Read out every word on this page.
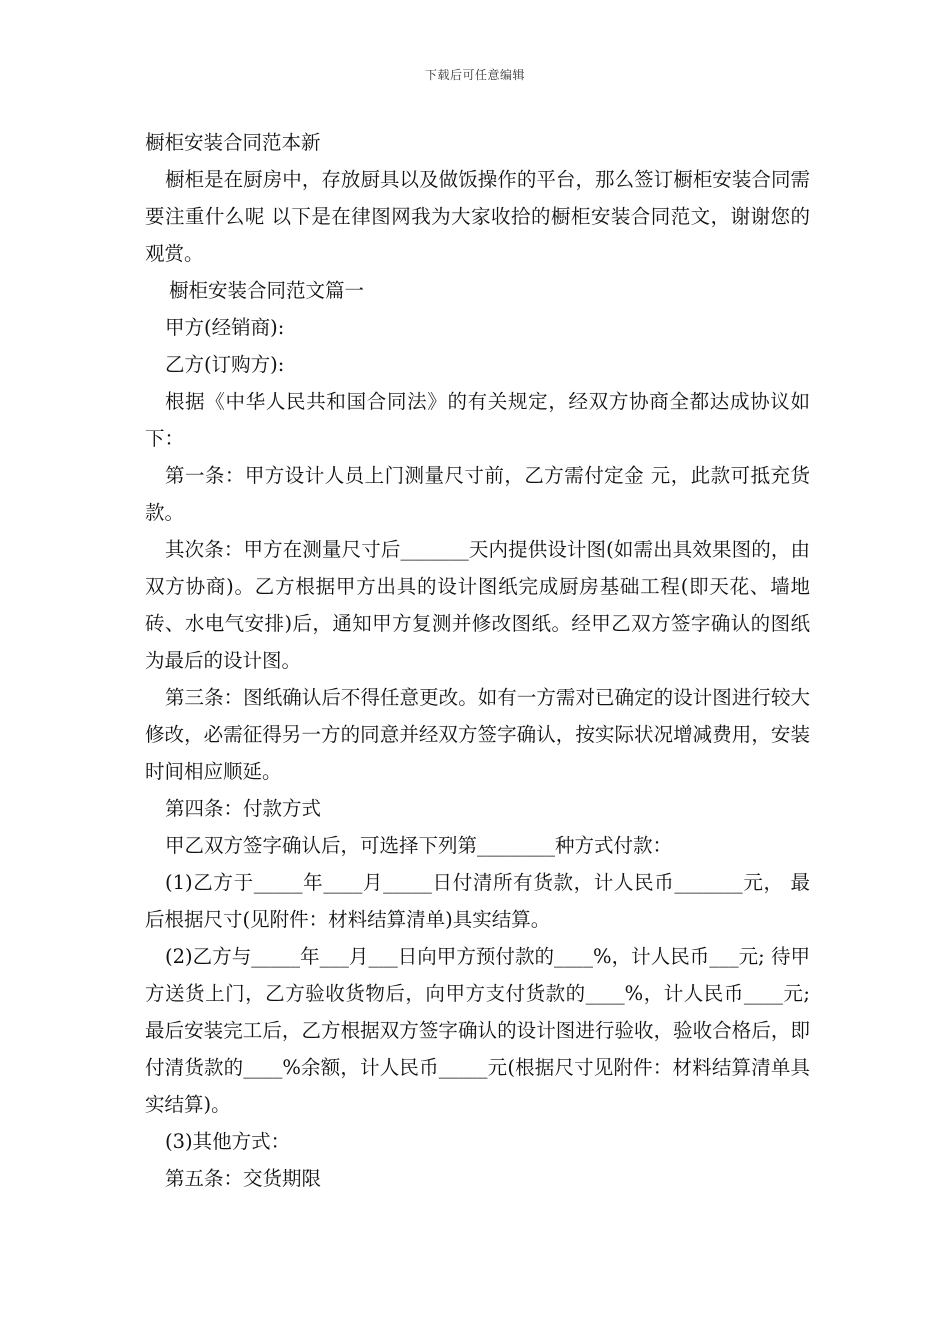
下载后可任意编辑

橱柜安装合同范本新

橱柜是在厨房中，存放厨具以及做饭操作的平台，那么签订橱柜安装合同需要注重什么呢 以下是在律图网我为大家收拾的橱柜安装合同范文，谢谢您的观赏。

橱柜安装合同范文篇一

甲方(经销商):

乙方(订购方):

根据《中华人民共和国合同法》的有关规定，经双方协商全都达成协议如下：

第一条：甲方设计人员上门测量尺寸前，乙方需付定金 元，此款可抵充货款。

其次条：甲方在测量尺寸后_______天内提供设计图(如需出具效果图的，由双方协商)。乙方根据甲方出具的设计图纸完成厨房基础工程(即天花、墙地砖、水电气安排)后，通知甲方复测并修改图纸。经甲乙双方签字确认的图纸为最后的设计图。

第三条：图纸确认后不得任意更改。如有一方需对已确定的设计图进行较大修改，必需征得另一方的同意并经双方签字确认，按实际状况增减费用，安装时间相应顺延。

第四条：付款方式

甲乙双方签字确认后，可选择下列第________种方式付款：

(1)乙方于_____年____月_____日付清所有货款，计人民币_______元， 最后根据尺寸(见附件：材料结算清单)具实结算。

(2)乙方与_____年___月___日向甲方预付款的____%，计人民币___元; 待甲方送货上门，乙方验收货物后，向甲方支付货款的____%，计人民币____元;最后安装完工后，乙方根据双方签字确认的设计图进行验收，验收合格后，即付清货款的____%余额，计人民币_____元(根据尺寸见附件：材料结算清单具实结算)。

(3)其他方式：

第五条：交货期限
